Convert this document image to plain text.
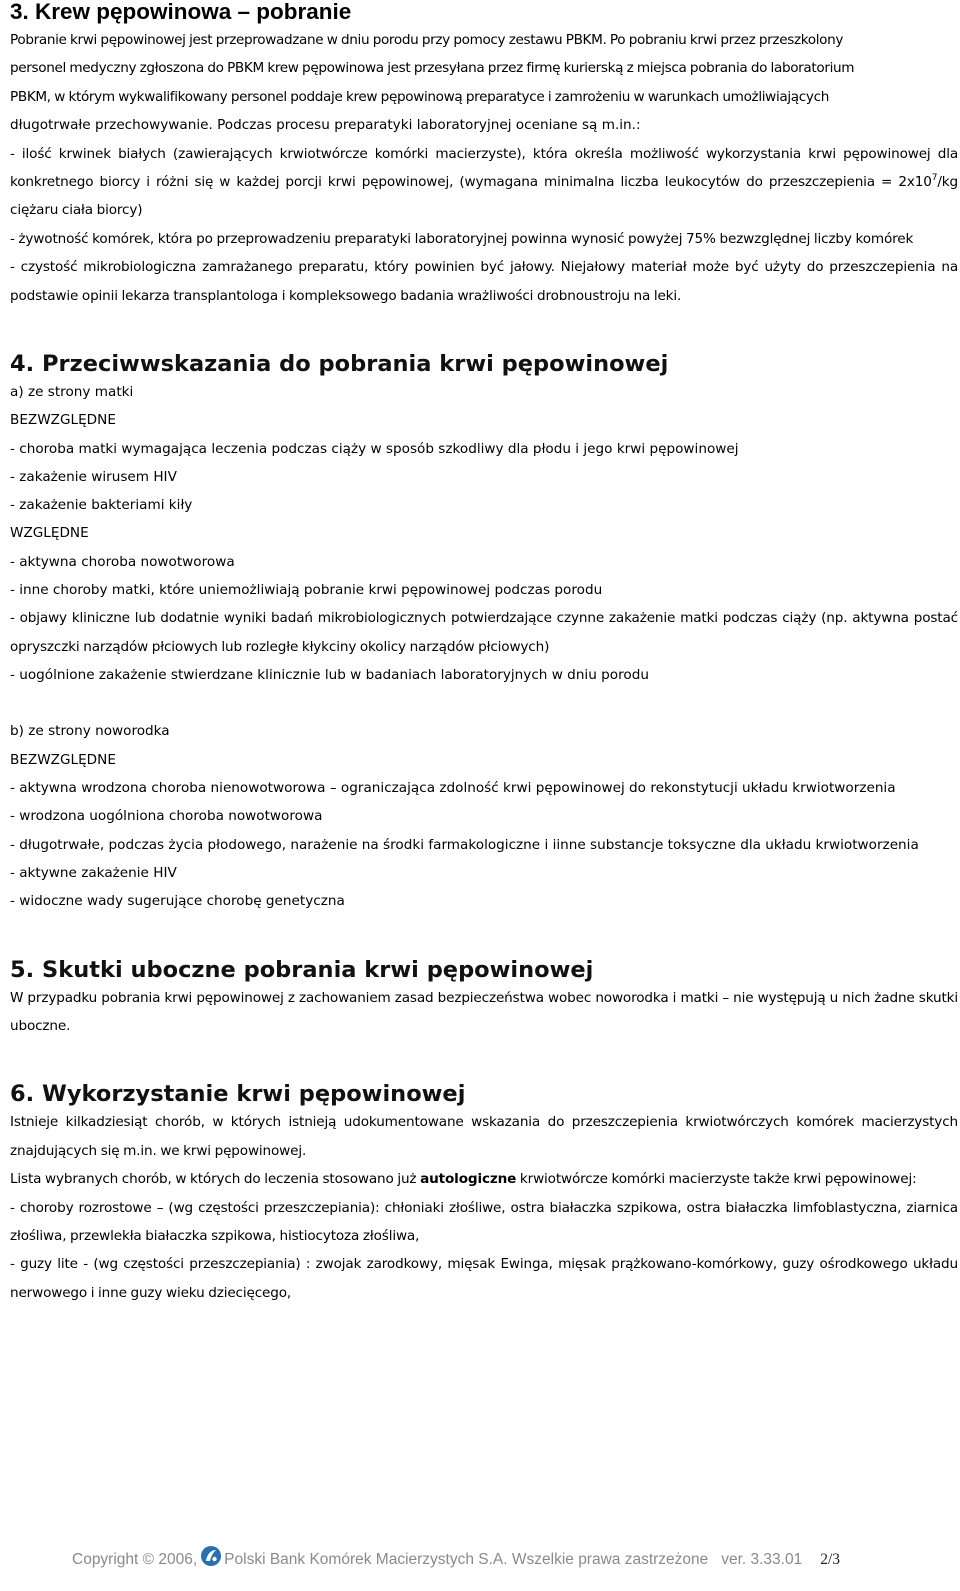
3. Krew pępowinowa – pobranie

Pobranie krwi pępowinowej jest przeprowadzane w dniu porodu przy pomocy zestawu PBKM. Po pobraniu krwi przez przeszkolony

personel medyczny zgłoszona do PBKM krew pępowinowa jest przesyłana przez firmę kurierską z miejsca pobrania do laboratorium

PBKM, w którym wykwalifikowany personel poddaje krew pępowinową preparatyce i zamrożeniu w warunkach umożliwiających

długotrwałe przechowywanie. Podczas procesu preparatyki laboratoryjnej oceniane są m.in.:

- ilość krwinek białych (zawierających krwiotwórcze komórki macierzyste), która określa możliwość wykorzystania krwi pępowinowej dla konkretnego biorcy i różni się w każdej porcji krwi pępowinowej, (wymagana minimalna liczba leukocytów do przeszczepienia = $2x10^7/kg$ ciężaru ciała biorcy)

- żywotność komórek, która po przeprowadzeniu preparatyki laboratoryjnej powinna wynosić powyżej 75% bezwzględnej liczby komórek

- czystość mikrobiologiczna zamrażanego preparatu, który powinien być jałowy. Niejałowy materiał może być użyty do przeszczepienia na podstawie opinii lekarza transplantologa i kompleksowego badania wrażliwości drobnoustroju na leki.

4. Przeciwwskazania do pobrania krwi pępowinowej

a) ze strony matki

BEZWZGLĘDNE

- choroba matki wymagająca leczenia podczas ciąży w sposób szkodliwy dla płodu i jego krwi pępowinowej

- zakażenie wirusem HIV

- zakażenie bakteriami kiły

WZGLĘDNE

- aktywna choroba nowotworowa

- inne choroby matki, które uniemożliwiają pobranie krwi pępowinowej podczas porodu

- objawy kliniczne lub dodatnie wyniki badań mikrobiologicznych potwierdzające czynne zakażenie matki podczas ciąży (np. aktywna postać opryszczki narządów płciowych lub rozległe kłykciny okolicy narządów płciowych)

- uogólnione zakażenie stwierdzane klinicznie lub w badaniach laboratoryjnych w dniu porodu

b) ze strony noworodka

BEZWZGLĘDNE

- aktywna wrodzona choroba nienowotworowa – ograniczająca zdolność krwi pępowinowej do rekonstytucji układu krwiotworzenia

- wrodzona uogólniona choroba nowotworowa

- długotrwałe, podczas życia płodowego, narażenie na środki farmakologiczne i iinne substancje toksyczne dla układu krwiotworzenia

- aktywne zakażenie HIV

- widoczne wady sugerujące chorobę genetyczna

5. Skutki uboczne pobrania krwi pępowinowej

W przypadku pobrania krwi pępowinowej z zachowaniem zasad bezpieczeństwa wobec noworodka i matki – nie występują u nich żadne skutki uboczne.

6. Wykorzystanie krwi pępowinowej

Istnieje kilkadziesiąt chorób, w których istnieją udokumentowane wskazania do przeszczepienia krwiotwórczych komórek macierzystych znajdujących się m.in. we krwi pępowinowej.

Lista wybranych chorób, w których do leczenia stosowano już autologiczne krwiotwórcze komórki macierzyste także krwi pępowinowej:

- choroby rozrostowe – (wg częstości przeszczepiania): chłoniaki złośliwe, ostra białaczka szpikowa, ostra białaczka limfoblastyczna, ziarnica złośliwa, przewlekła białaczka szpikowa, histiocytoza złośliwa,

- guzy lite - (wg częstości przeszczepiania) : zwojak zarodkowy, mięsak Ewinga, mięsak prążkowano-komórkowy, guzy ośrodkowego układu nerwowego i inne guzy wieku dziecięcego,

Copyright © 2006, Polski Bank Komórek Macierzystych S.A. Wszelkie prawa zastrzeżone ver. 3.33.01 2/3
